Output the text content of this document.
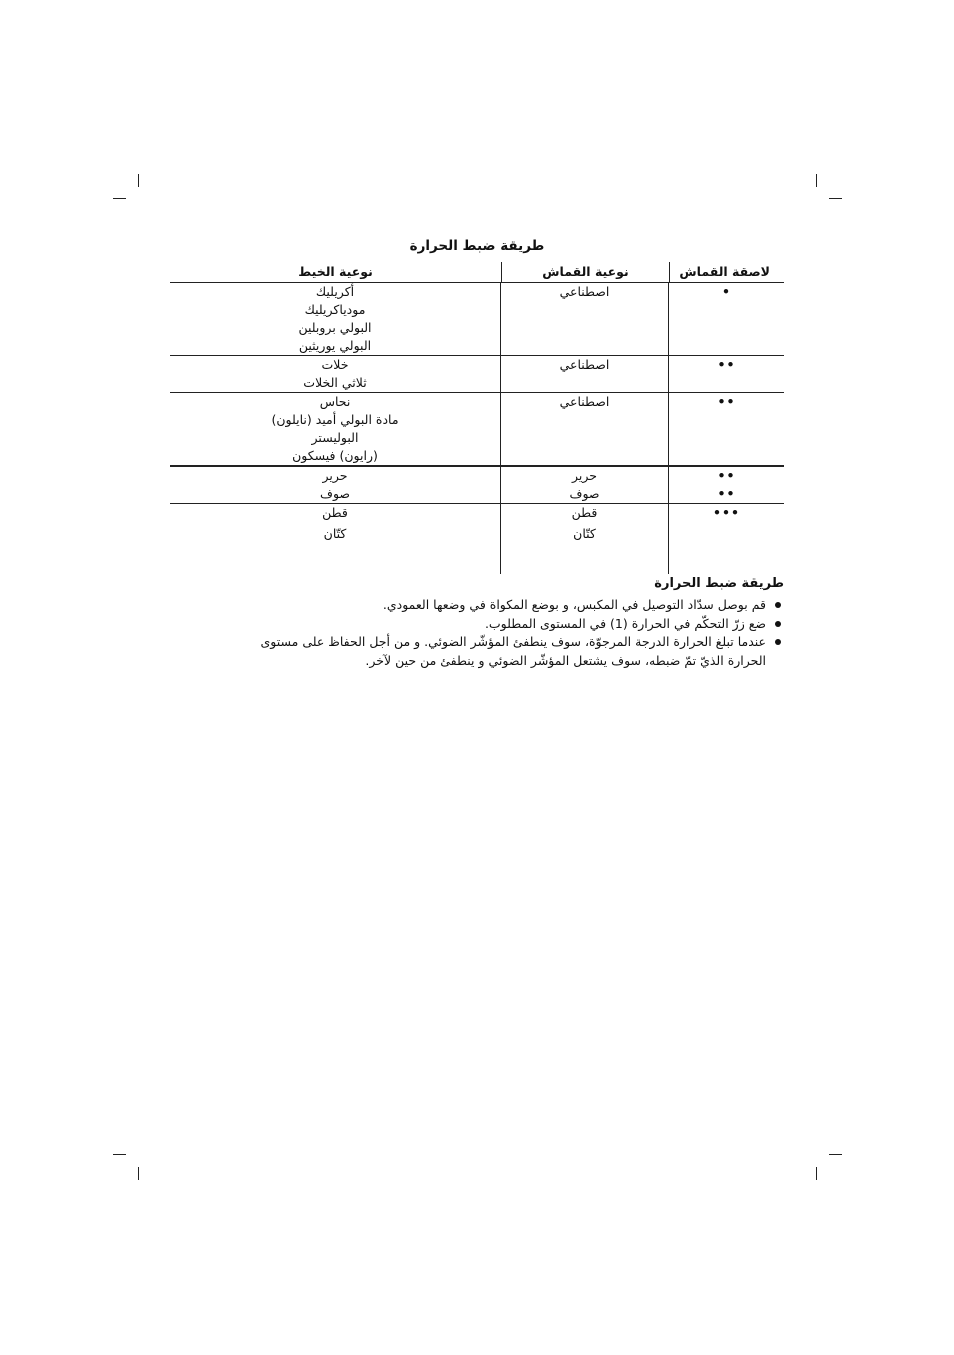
طريقة ضبط الحرارة
لاصقة القماش
نوعية القماش
نوعية الخيط
•
اصطناعي
أكريليك
مودياكريليك
البولي بروبلين
البولي يوريثين
••
اصطناعي
خلات
ثلاثي الخلات
••
اصطناعي
نحاس
مادة البولي أميد (نايلون)
البوليستر
(رايون) فيسكون
••
••
حرير
صوف
حرير
صوف
•••
قطن
كتّان
قطن
كتّان
طريقة ضبط الحرارة
قم بوصل سدّاد التوصيل في المكبس، و بوضع المكواة في وضعها العمودي.
ضع زرّ التحكّم في الحرارة (1) في المستوى المطلوب.
عندما تبلغ الحرارة الدرجة المرجوّة، سوف ينطفئ المؤشّر الضوئي. و من أجل الحفاظ على مستوى الحرارة الذيّ تمّ ضبطه، سوف يشتعل المؤشّر الضوئي و ينطفئ من حين لآخر.
